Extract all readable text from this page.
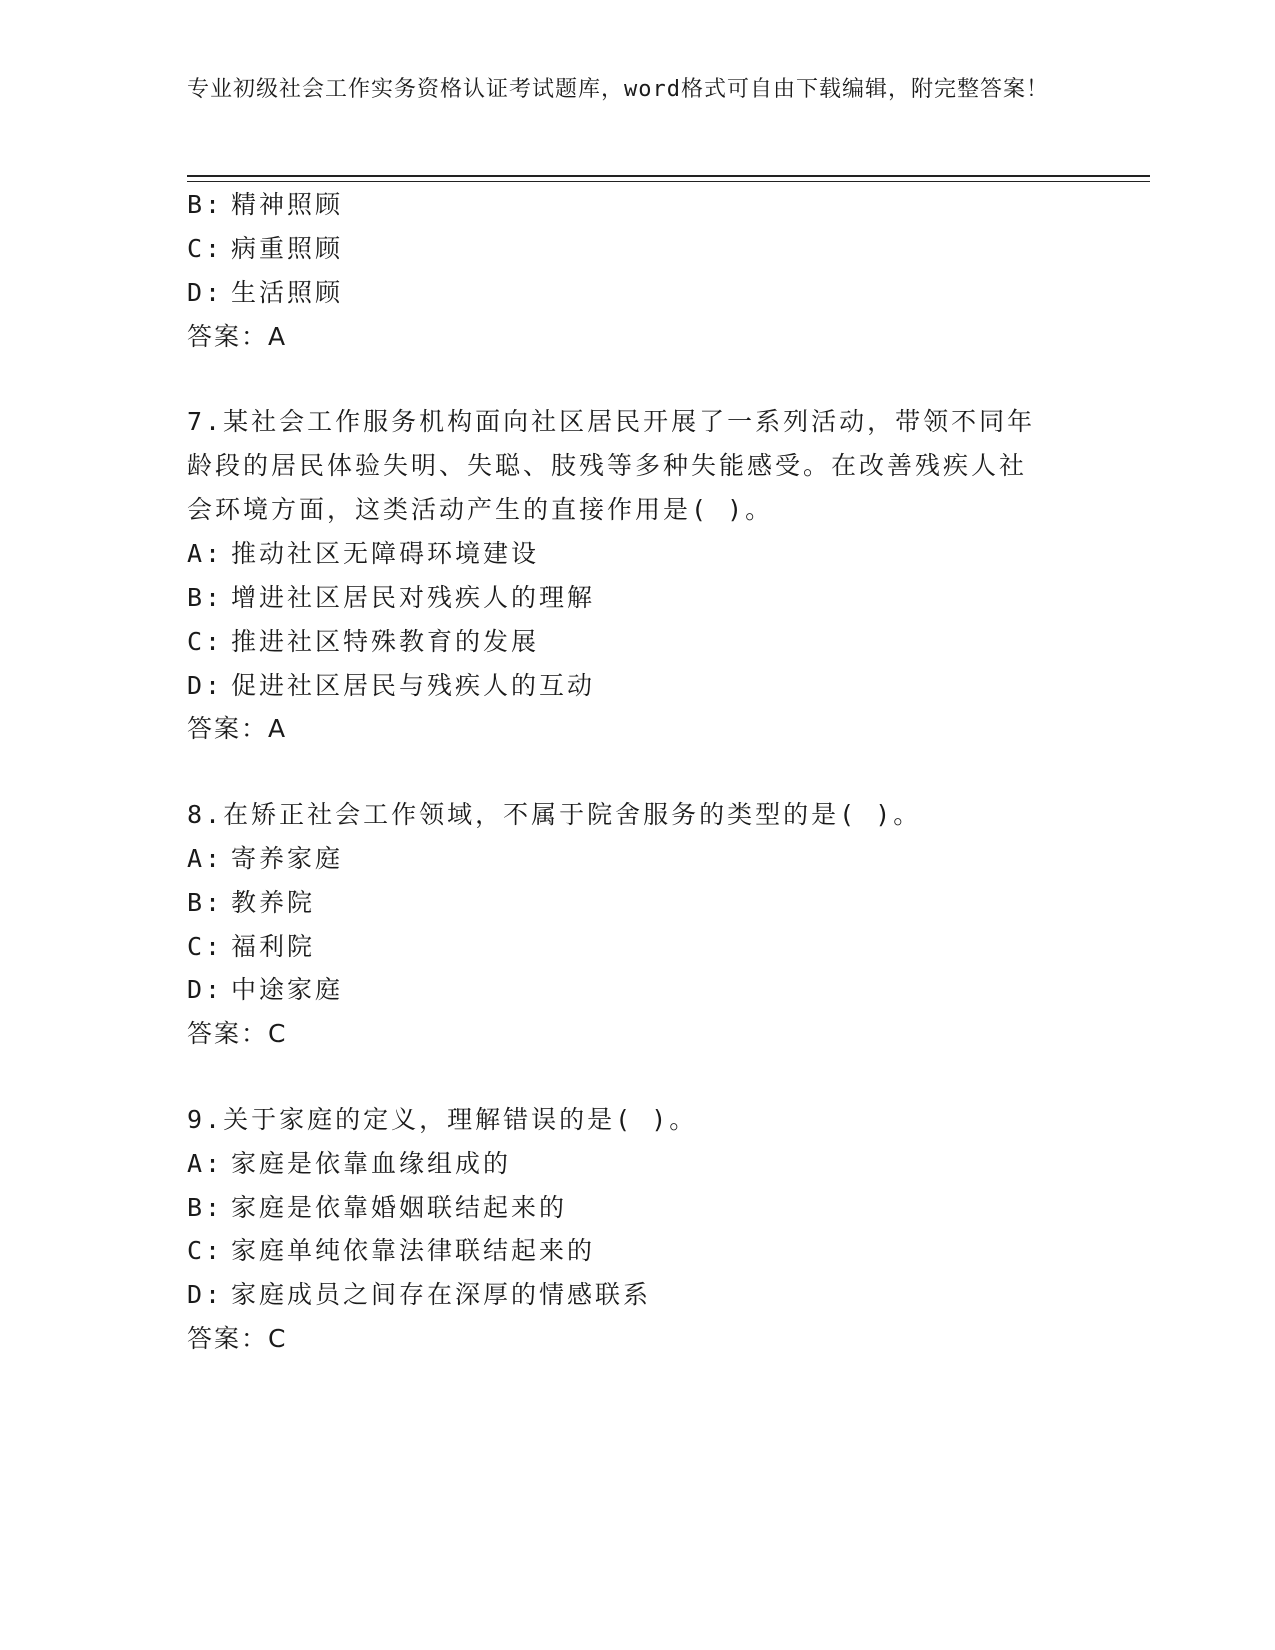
专业初级社会工作实务资格认证考试题库，word格式可自由下载编辑，附完整答案！
B: 精神照顾
C: 病重照顾
D: 生活照顾
答案：A
7.某社会工作服务机构面向社区居民开展了一系列活动，带领不同年
龄段的居民体验失明、失聪、肢残等多种失能感受。在改善残疾人社
会环境方面，这类活动产生的直接作用是( )。
A: 推动社区无障碍环境建设
B: 增进社区居民对残疾人的理解
C: 推进社区特殊教育的发展
D: 促进社区居民与残疾人的互动
答案：A
8.在矫正社会工作领域，不属于院舍服务的类型的是( )。
A: 寄养家庭
B: 教养院
C: 福利院
D: 中途家庭
答案：C
9.关于家庭的定义，理解错误的是( )。
A: 家庭是依靠血缘组成的
B: 家庭是依靠婚姻联结起来的
C: 家庭单纯依靠法律联结起来的
D: 家庭成员之间存在深厚的情感联系
答案：C
